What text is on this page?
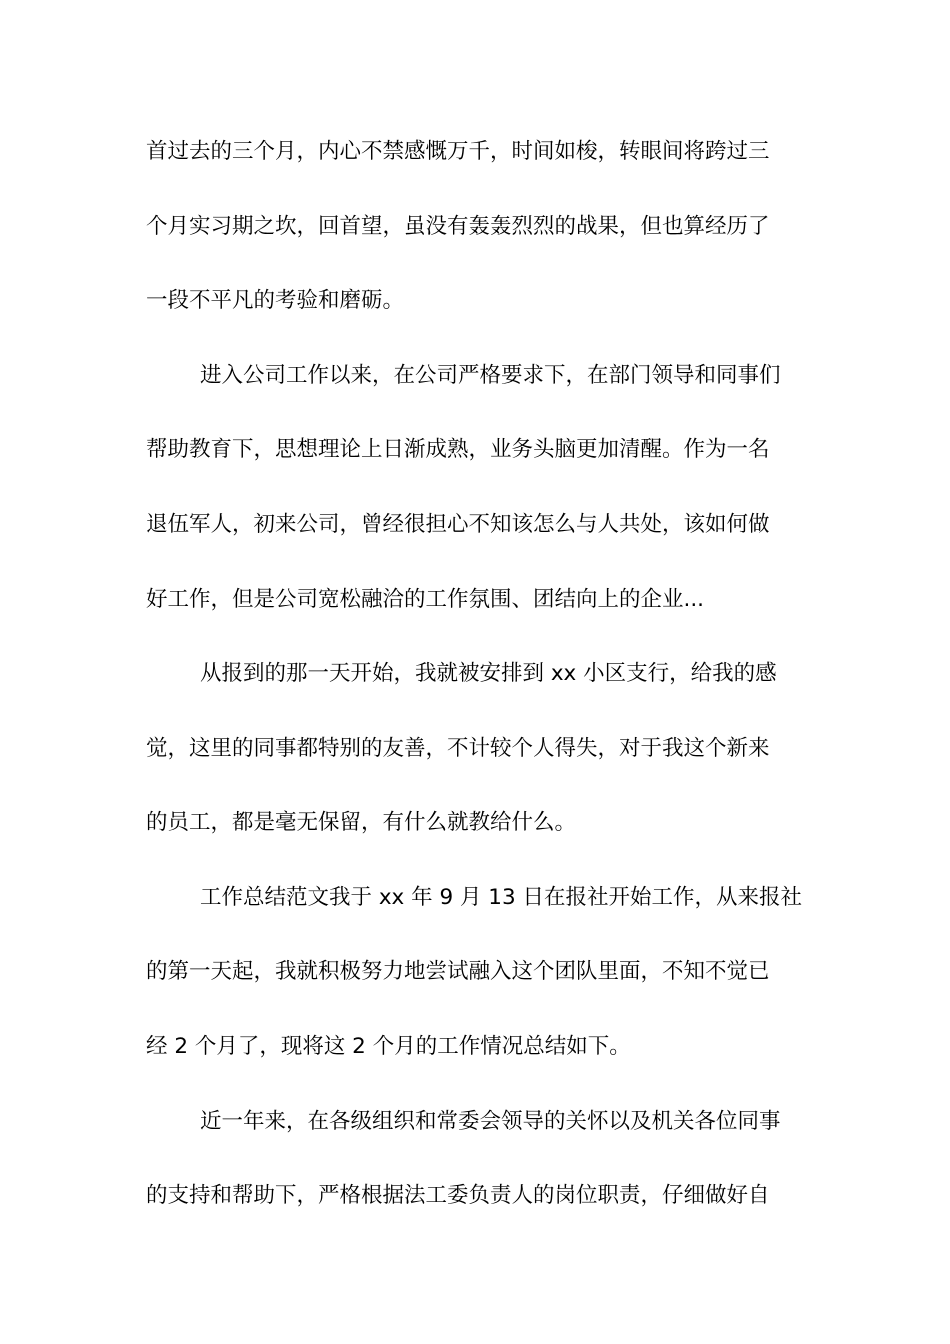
首过去的三个月，内心不禁感慨万千，时间如梭，转眼间将跨过三
个月实习期之坎，回首望，虽没有轰轰烈烈的战果，但也算经历了
一段不平凡的考验和磨砺。
进入公司工作以来，在公司严格要求下，在部门领导和同事们
帮助教育下，思想理论上日渐成熟，业务头脑更加清醒。作为一名
退伍军人，初来公司，曾经很担心不知该怎么与人共处，该如何做
好工作，但是公司宽松融洽的工作氛围、团结向上的企业...
从报到的那一天开始，我就被安排到 xx 小区支行，给我的感
觉，这里的同事都特别的友善，不计较个人得失，对于我这个新来
的员工，都是毫无保留，有什么就教给什么。
工作总结范文我于 xx 年 9 月 13 日在报社开始工作，从来报社
的第一天起，我就积极努力地尝试融入这个团队里面，不知不觉已
经 2 个月了，现将这 2 个月的工作情况总结如下。
近一年来，在各级组织和常委会领导的关怀以及机关各位同事
的支持和帮助下，严格根据法工委负责人的岗位职责，仔细做好自
